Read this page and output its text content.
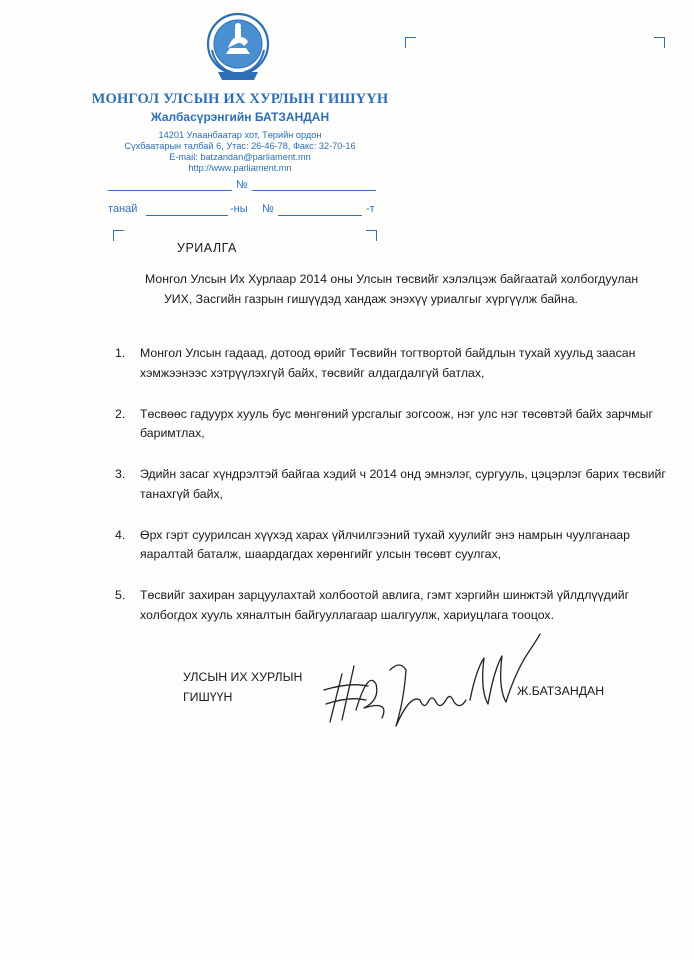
МОНГОЛ УЛСЫН ИХ ХУРЛЫН ГИШҮҮН
Жалбасүрэнгийн БАТЗАНДАН
14201 Улаанбаатар хот, Төрийн ордон
Сүхбаатарын талбай 6, Утас: 26-46-78, Факс: 32-70-16
E-mail: batzandan@parliament.mn
http://www.parliament.mn
№
танай	-ны №	-т
УРИАЛГА
Монгол Улсын Их Хурлаар 2014 оны Улсын төсвийг хэлэлцэж байгаатай холбогдуулан
УИХ, Засгийн газрын гишүүдэд хандаж энэхүү уриалгыг хүргүүлж байна.
1. Монгол Улсын гадаад, дотоод өрийг Төсвийн тогтвортой байдлын тухай хуульд заасан хэмжээнээс хэтрүүлэхгүй байх, төсвийг алдагдалгүй батлах,
2. Төсвөөс гадуурх хууль бус мөнгөний урсгалыг зогсоож, нэг улс нэг төсөвтэй байх зарчмыг баримтлах,
3. Эдийн засаг хүндрэлтэй байгаа хэдий ч 2014 онд эмнэлэг, сургууль, цэцэрлэг барих төсвийг танахгүй байх,
4. Өрх гэрт суурилсан хүүхэд харах үйлчилгээний тухай хуулийг энэ намрын чуулганаар яаралтай баталж, шаардагдах хөрөнгийг улсын төсөвт суулгах,
5. Төсвийг захиран зарцуулахтай холбоотой авлига, гэмт хэргийн шинжтэй үйлдлүүдийг холбогдох хууль хяналтын байгууллагаар шалгуулж, хариуцлага тооцох.
УЛСЫН ИХ ХУРЛЫН
ГИШҮҮН	Ж.БАТЗАНДАН
